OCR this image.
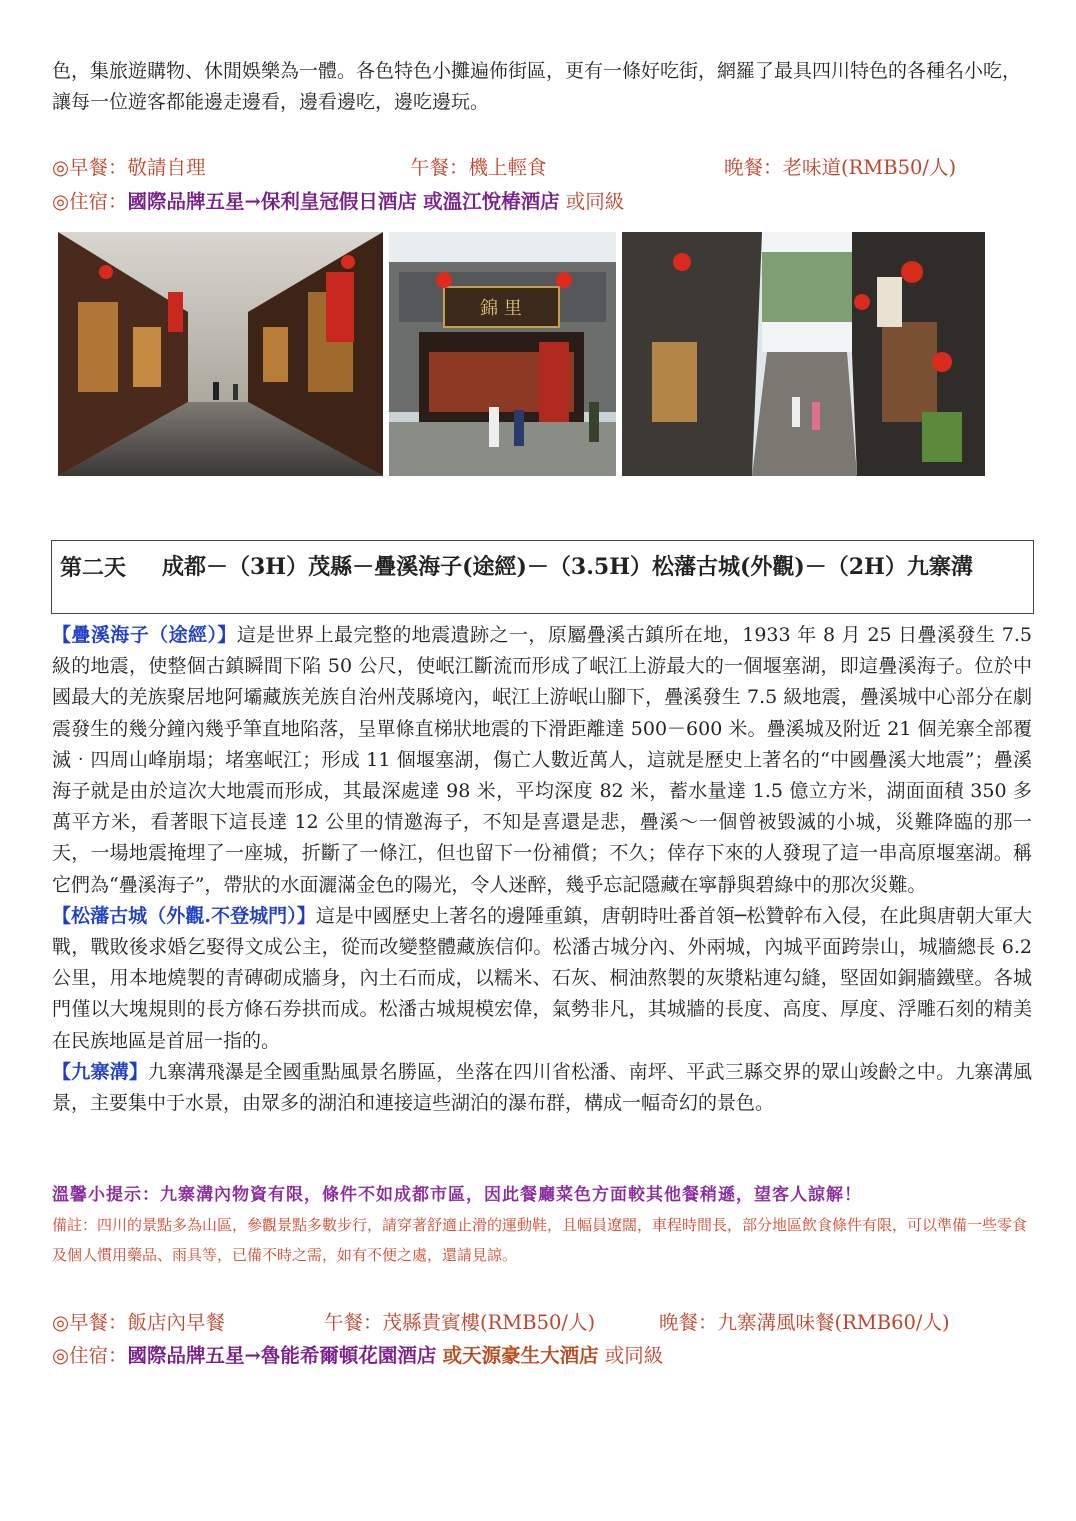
色，集旅遊購物、休閒娛樂為一體。各色特色小攤遍佈街區，更有一條好吃街，網羅了最具四川特色的各種名小吃，讓每一位遊客都能邊走邊看，邊看邊吃，邊吃邊玩。

◎早餐：敬請自理	午餐：機上輕食	晚餐：老味道(RMB50/人)
◎住宿：國際品牌五星→保利皇冠假日酒店 或溫江悅椿酒店 或同級
錦 里
第二天 成都－（3H）茂縣－疊溪海子(途經)－（3.5H）松藩古城(外觀)－（2H）九寨溝

【疊溪海子（途經）】這是世界上最完整的地震遺跡之一，原屬疊溪古鎮所在地，1933 年 8 月 25 日疊溪發生 7.5 級的地震，使整個古鎮瞬間下陷 50 公尺，使岷江斷流而形成了岷江上游最大的一個堰塞湖，即這疊溪海子。位於中國最大的羌族聚居地阿壩藏族羌族自治州茂縣境內，岷江上游岷山腳下，疊溪發生 7.5 級地震，疊溪城中心部分在劇震發生的幾分鐘內幾乎筆直地陷落，呈單條直梯狀地震的下滑距離達 500－600 米。疊溪城及附近 21 個羌寨全部覆滅‧四周山峰崩塌；堵塞岷江；形成 11 個堰塞湖，傷亡人數近萬人，這就是歷史上著名的“中國疊溪大地震”；疊溪海子就是由於這次大地震而形成，其最深處達 98 米，平均深度 82 米，蓄水量達 1.5 億立方米，湖面面積 350 多萬平方米，看著眼下這長達 12 公里的情邀海子，不知是喜還是悲，疊溪～一個曾被毀滅的小城，災難降臨的那一天，一場地震掩埋了一座城，折斷了一條江，但也留下一份補償；不久；倖存下來的人發現了這一串高原堰塞湖。稱它們為“疊溪海子”，帶狀的水面灑滿金色的陽光，令人迷醉，幾乎忘記隱藏在寧靜與碧綠中的那次災難。

【松藩古城（外觀.不登城門）】這是中國歷史上著名的邊陲重鎮，唐朝時吐番首領─松贊幹布入侵，在此與唐朝大軍大戰，戰敗後求婚乞娶得文成公主，從而改變整體藏族信仰。松潘古城分內、外兩城，內城平面跨崇山，城牆總長 6.2 公里，用本地燒製的青磚砌成牆身，內土石而成，以糯米、石灰、桐油熬製的灰漿粘連勾縫，堅固如銅牆鐵壁。各城門僅以大塊規則的長方條石券拱而成。松潘古城規模宏偉，氣勢非凡，其城牆的長度、高度、厚度、浮雕石刻的精美在民族地區是首屈一指的。

【九寨溝】九寨溝飛瀑是全國重點風景名勝區，坐落在四川省松潘、南坪、平武三縣交界的眾山竣齡之中。九寨溝風景，主要集中于水景，由眾多的湖泊和連接這些湖泊的瀑布群，構成一幅奇幻的景色。

溫馨小提示：九寨溝內物資有限，條件不如成都市區，因此餐廳菜色方面較其他餐稍遜，望客人諒解！

備註：四川的景點多為山區，參觀景點多數步行，請穿著舒適止滑的運動鞋，且幅員遼闊，車程時間長，部分地區飲食條件有限，可以準備一些零食及個人慣用藥品、雨具等，已備不時之需，如有不便之處，還請見諒。

◎早餐：飯店內早餐	午餐：茂縣貴賓樓(RMB50/人)	晚餐：九寨溝風味餐(RMB60/人)
◎住宿：國際品牌五星→魯能希爾頓花園酒店 或天源豪生大酒店 或同級
